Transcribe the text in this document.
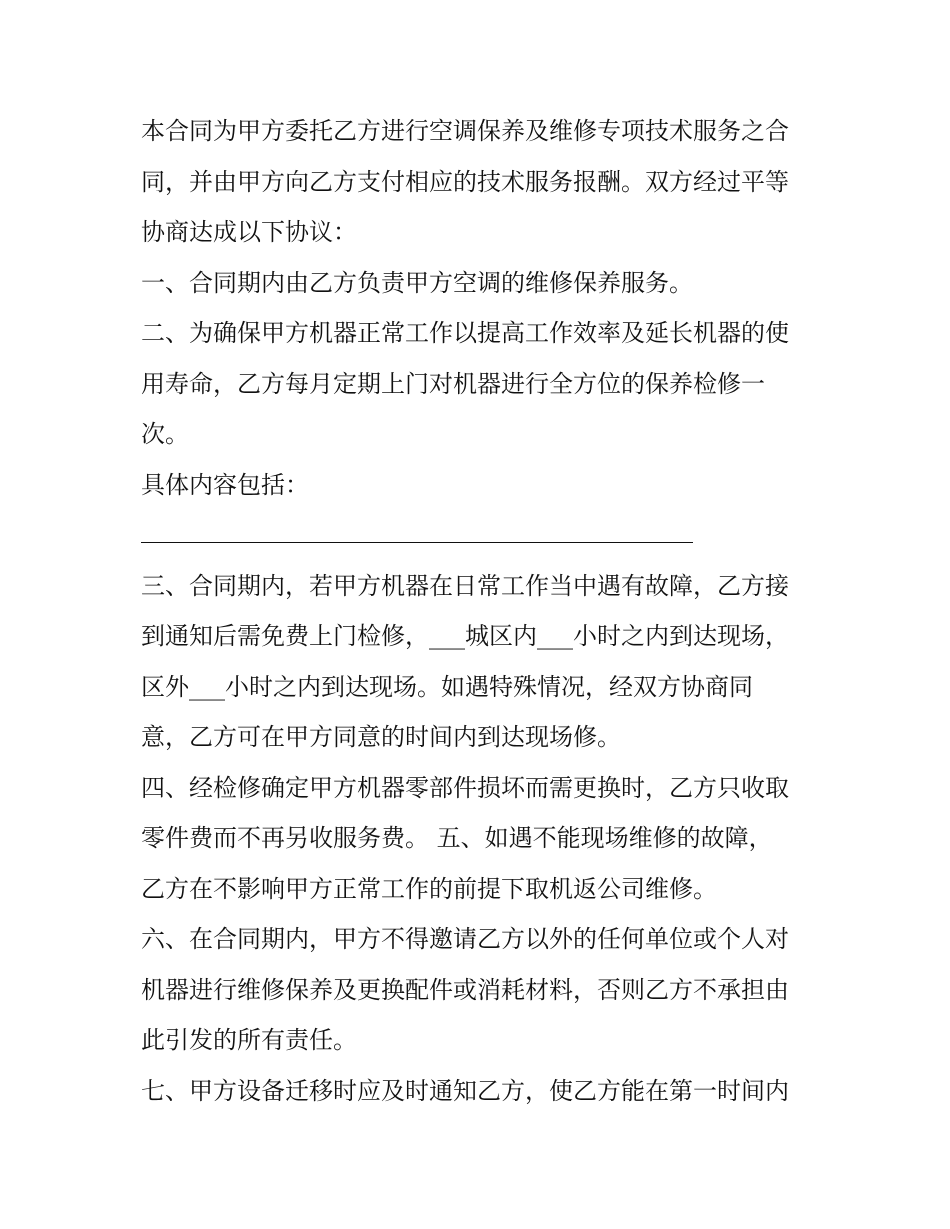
本合同为甲方委托乙方进行空调保养及维修专项技术服务之合
同，并由甲方向乙方支付相应的技术服务报酬。双方经过平等
协商达成以下协议：
一、合同期内由乙方负责甲方空调的维修保养服务。
二、为确保甲方机器正常工作以提高工作效率及延长机器的使
用寿命，乙方每月定期上门对机器进行全方位的保养检修一
次。
具体内容包括：
三、合同期内，若甲方机器在日常工作当中遇有故障，乙方接
到通知后需免费上门检修，___城区内___小时之内到达现场，
区外___小时之内到达现场。如遇特殊情况，经双方协商同
意，乙方可在甲方同意的时间内到达现场修。
四、经检修确定甲方机器零部件损坏而需更换时，乙方只收取
零件费而不再另收服务费。 五、如遇不能现场维修的故障，
乙方在不影响甲方正常工作的前提下取机返公司维修。
六、在合同期内，甲方不得邀请乙方以外的任何单位或个人对
机器进行维修保养及更换配件或消耗材料，否则乙方不承担由
此引发的所有责任。
七、甲方设备迁移时应及时通知乙方，使乙方能在第一时间内
